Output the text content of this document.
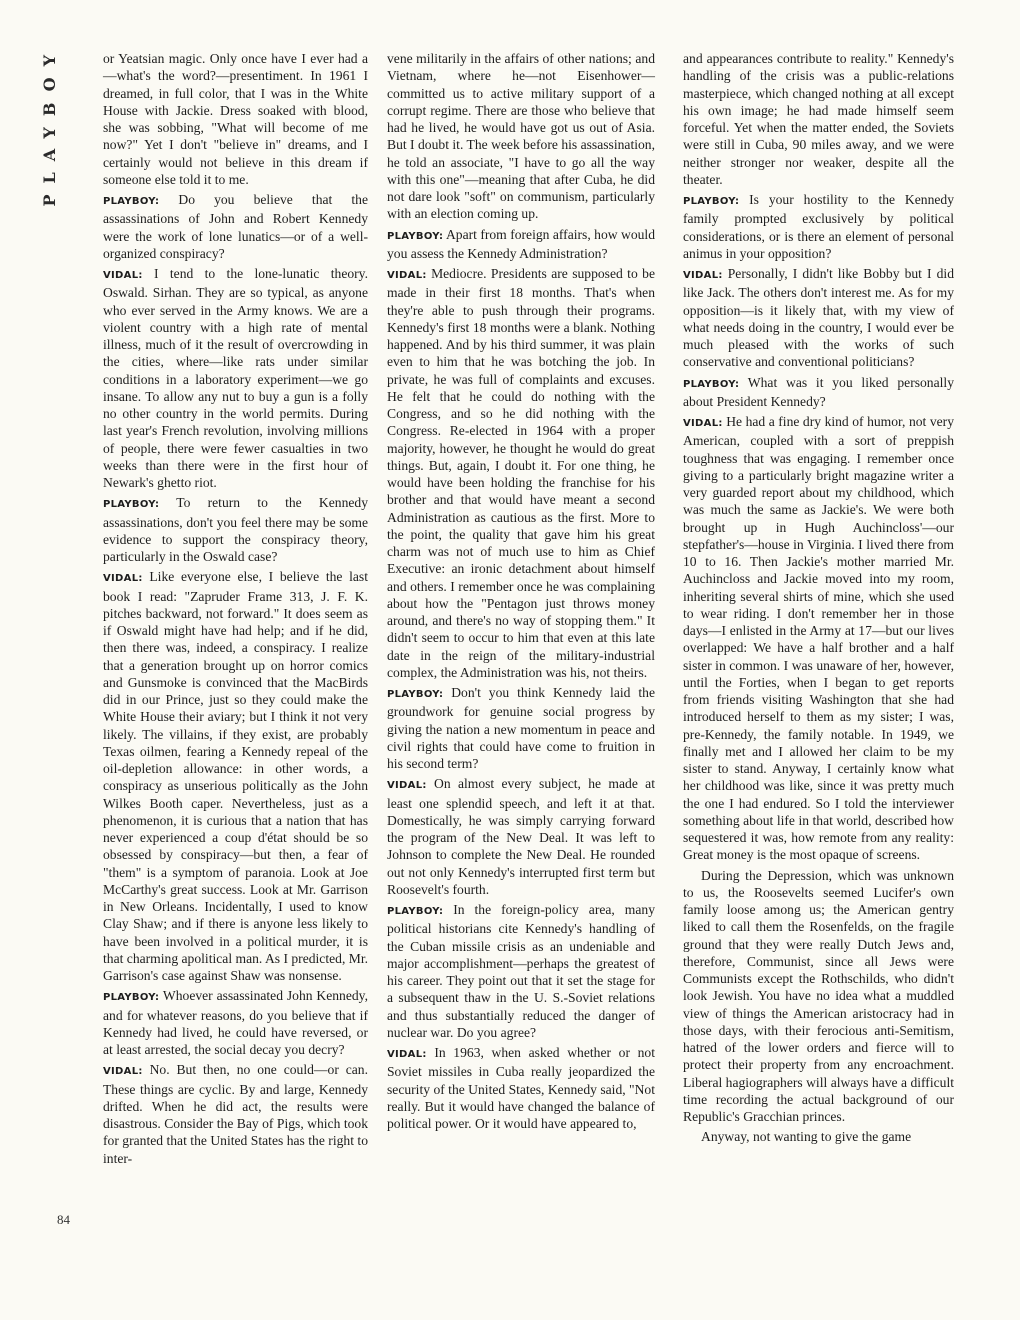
PLAYBOY	or Yeatsian magic. Only once have I ever had a—what's the word?—presentiment. In 1961 I dreamed, in full color, that I was in the White House with Jackie. Dress soaked with blood, she was sobbing, "What will become of me now?" Yet I don't "believe in" dreams, and I certainly would not believe in this dream if someone else told it to me.

PLAYBOY: Do you believe that the assassinations of John and Robert Kennedy were the work of lone lunatics—or of a well-organized conspiracy?

VIDAL: I tend to the lone-lunatic theory. Oswald. Sirhan. They are so typical, as anyone who ever served in the Army knows. We are a violent country with a high rate of mental illness, much of it the result of overcrowding in the cities, where—like rats under similar conditions in a laboratory experiment—we go insane. To allow any nut to buy a gun is a folly no other country in the world permits. During last year's French revolution, involving millions of people, there were fewer casualties in two weeks than there were in the first hour of Newark's ghetto riot.

PLAYBOY: To return to the Kennedy assassinations, don't you feel there may be some evidence to support the conspiracy theory, particularly in the Oswald case?

VIDAL: Like everyone else, I believe the last book I read: "Zapruder Frame 313, J. F. K. pitches backward, not forward." It does seem as if Oswald might have had help; and if he did, then there was, indeed, a conspiracy. I realize that a generation brought up on horror comics and Gunsmoke is convinced that the MacBirds did in our Prince, just so they could make the White House their aviary; but I think it not very likely. The villains, if they exist, are probably Texas oilmen, fearing a Kennedy repeal of the oil-depletion allowance: in other words, a conspiracy as unserious politically as the John Wilkes Booth caper. Nevertheless, just as a phenomenon, it is curious that a nation that has never experienced a coup d'état should be so obsessed by conspiracy—but then, a fear of "them" is a symptom of paranoia. Look at Joe McCarthy's great success. Look at Mr. Garrison in New Orleans. Incidentally, I used to know Clay Shaw; and if there is anyone less likely to have been involved in a political murder, it is that charming apolitical man. As I predicted, Mr. Garrison's case against Shaw was nonsense.

PLAYBOY: Whoever assassinated John Kennedy, and for whatever reasons, do you believe that if Kennedy had lived, he could have reversed, or at least arrested, the social decay you decry?

VIDAL: No. But then, no one could—or can. These things are cyclic. By and large, Kennedy drifted. When he did act, the results were disastrous. Consider the Bay of Pigs, which took for granted that the United States has the right to inter-

vene militarily in the affairs of other nations; and Vietnam, where he—not Eisenhower—committed us to active military support of a corrupt regime. There are those who believe that had he lived, he would have got us out of Asia. But I doubt it. The week before his assassination, he told an associate, "I have to go all the way with this one"—meaning that after Cuba, he did not dare look "soft" on communism, particularly with an election coming up.

PLAYBOY: Apart from foreign affairs, how would you assess the Kennedy Administration?

VIDAL: Mediocre. Presidents are supposed to be made in their first 18 months. That's when they're able to push through their programs. Kennedy's first 18 months were a blank. Nothing happened. And by his third summer, it was plain even to him that he was botching the job. In private, he was full of complaints and excuses. He felt that he could do nothing with the Congress, and so he did nothing with the Congress. Re-elected in 1964 with a proper majority, however, he thought he would do great things. But, again, I doubt it. For one thing, he would have been holding the franchise for his brother and that would have meant a second Administration as cautious as the first. More to the point, the quality that gave him his great charm was not of much use to him as Chief Executive: an ironic detachment about himself and others. I remember once he was complaining about how the "Pentagon just throws money around, and there's no way of stopping them." It didn't seem to occur to him that even at this late date in the reign of the military-industrial complex, the Administration was his, not theirs.

PLAYBOY: Don't you think Kennedy laid the groundwork for genuine social progress by giving the nation a new momentum in peace and civil rights that could have come to fruition in his second term?

VIDAL: On almost every subject, he made at least one splendid speech, and left it at that. Domestically, he was simply carrying forward the program of the New Deal. It was left to Johnson to complete the New Deal. He rounded out not only Kennedy's interrupted first term but Roosevelt's fourth.

PLAYBOY: In the foreign-policy area, many political historians cite Kennedy's handling of the Cuban missile crisis as an undeniable and major accomplishment—perhaps the greatest of his career. They point out that it set the stage for a subsequent thaw in the U. S.-Soviet relations and thus substantially reduced the danger of nuclear war. Do you agree?

VIDAL: In 1963, when asked whether or not Soviet missiles in Cuba really jeopardized the security of the United States, Kennedy said, "Not really. But it would have changed the balance of political power. Or it would have appeared to,

and appearances contribute to reality." Kennedy's handling of the crisis was a public-relations masterpiece, which changed nothing at all except his own image; he had made himself seem forceful. Yet when the matter ended, the Soviets were still in Cuba, 90 miles away, and we were neither stronger nor weaker, despite all the theater.

PLAYBOY: Is your hostility to the Kennedy family prompted exclusively by political considerations, or is there an element of personal animus in your opposition?

VIDAL: Personally, I didn't like Bobby but I did like Jack. The others don't interest me. As for my opposition—is it likely that, with my view of what needs doing in the country, I would ever be much pleased with the works of such conservative and conventional politicians?

PLAYBOY: What was it you liked personally about President Kennedy?

VIDAL: He had a fine dry kind of humor, not very American, coupled with a sort of preppish toughness that was engaging. I remember once giving to a particularly bright magazine writer a very guarded report about my childhood, which was much the same as Jackie's. We were both brought up in Hugh Auchincloss'—our stepfather's—house in Virginia. I lived there from 10 to 16. Then Jackie's mother married Mr. Auchincloss and Jackie moved into my room, inheriting several shirts of mine, which she used to wear riding. I don't remember her in those days—I enlisted in the Army at 17—but our lives overlapped: We have a half brother and a half sister in common. I was unaware of her, however, until the Forties, when I began to get reports from friends visiting Washington that she had introduced herself to them as my sister; I was, pre-Kennedy, the family notable. In 1949, we finally met and I allowed her claim to be my sister to stand. Anyway, I certainly know what her childhood was like, since it was pretty much the one I had endured. So I told the interviewer something about life in that world, described how sequestered it was, how remote from any reality: Great money is the most opaque of screens.

During the Depression, which was unknown to us, the Roosevelts seemed Lucifer's own family loose among us; the American gentry liked to call them the Rosenfelds, on the fragile ground that they were really Dutch Jews and, therefore, Communist, since all Jews were Communists except the Rothschilds, who didn't look Jewish. You have no idea what a muddled view of things the American aristocracy had in those days, with their ferocious anti-Semitism, hatred of the lower orders and fierce will to protect their property from any encroachment. Liberal hagiographers will always have a difficult time recording the actual background of our Republic's Gracchian princes.

Anyway, not wanting to give the game

84
